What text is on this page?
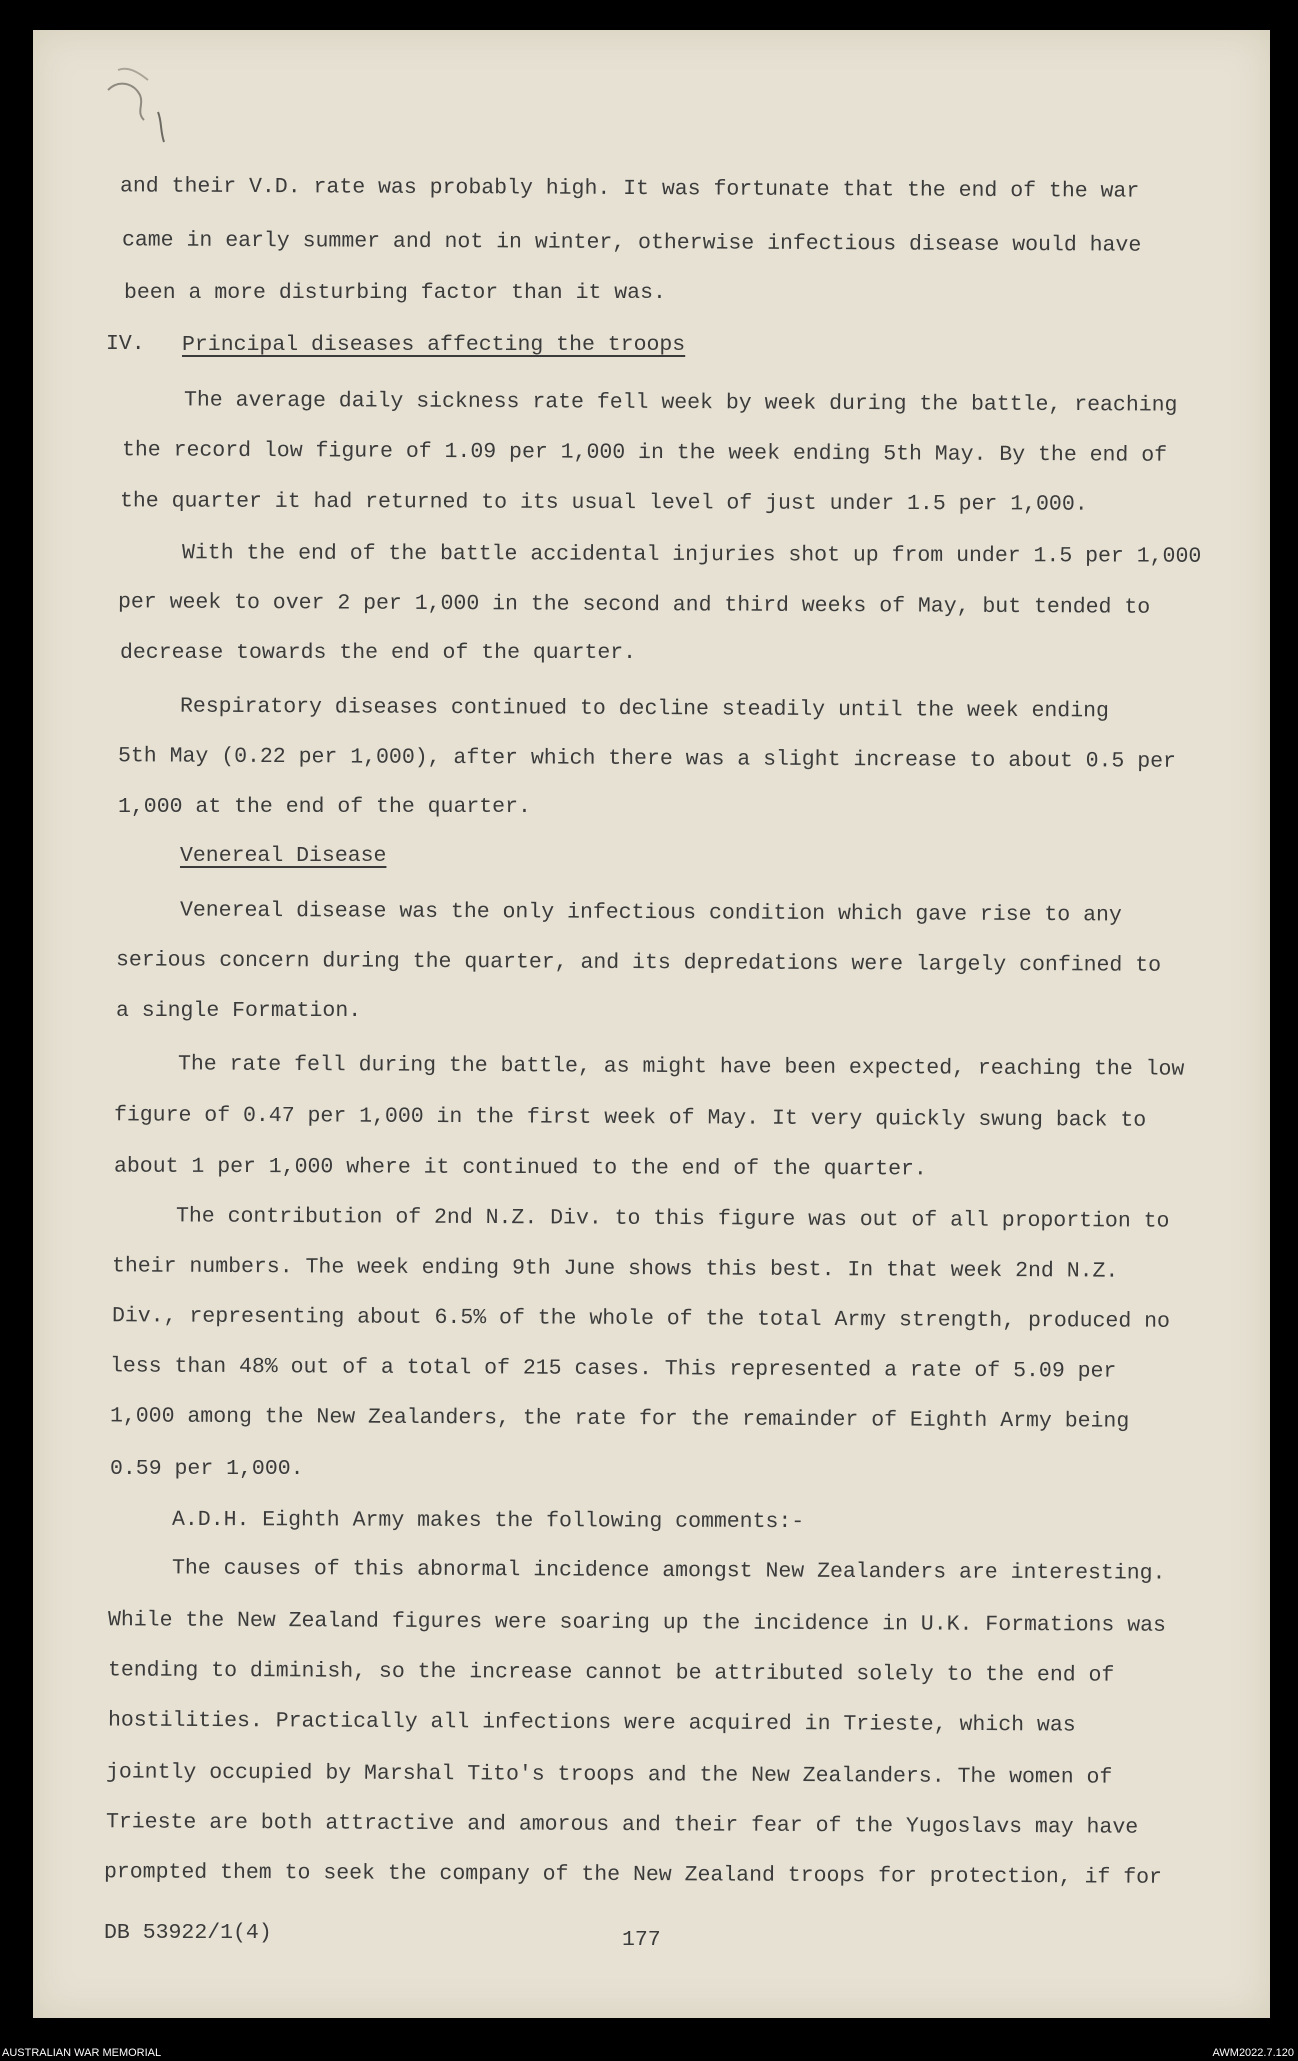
and their V.D. rate was probably high. It was fortunate that the end of the war
came in early summer and not in winter, otherwise infectious disease would have
been a more disturbing factor than it was.
IV. Principal diseases affecting the troops
The average daily sickness rate fell week by week during the battle, reaching
the record low figure of 1.09 per 1,000 in the week ending 5th May. By the end of
the quarter it had returned to its usual level of just under 1.5 per 1,000.
With the end of the battle accidental injuries shot up from under 1.5 per 1,000
per week to over 2 per 1,000 in the second and third weeks of May, but tended to
decrease towards the end of the quarter.
Respiratory diseases continued to decline steadily until the week ending
5th May (0.22 per 1,000), after which there was a slight increase to about 0.5 per
1,000 at the end of the quarter.
Venereal Disease
Venereal disease was the only infectious condition which gave rise to any
serious concern during the quarter, and its depredations were largely confined to
a single Formation.
The rate fell during the battle, as might have been expected, reaching the low
figure of 0.47 per 1,000 in the first week of May. It very quickly swung back to
about 1 per 1,000 where it continued to the end of the quarter.
The contribution of 2nd N.Z. Div. to this figure was out of all proportion to
their numbers. The week ending 9th June shows this best. In that week 2nd N.Z.
Div., representing about 6.5% of the whole of the total Army strength, produced no
less than 48% out of a total of 215 cases. This represented a rate of 5.09 per
1,000 among the New Zealanders, the rate for the remainder of Eighth Army being
0.59 per 1,000.
A.D.H. Eighth Army makes the following comments:-
The causes of this abnormal incidence amongst New Zealanders are interesting.
While the New Zealand figures were soaring up the incidence in U.K. Formations was
tending to diminish, so the increase cannot be attributed solely to the end of
hostilities. Practically all infections were acquired in Trieste, which was
jointly occupied by Marshal Tito's troops and the New Zealanders. The women of
Trieste are both attractive and amorous and their fear of the Yugoslavs may have
prompted them to seek the company of the New Zealand troops for protection, if for
DB 53922/1(4)	177
AUSTRALIAN WAR MEMORIAL	AWM2022.7.120
